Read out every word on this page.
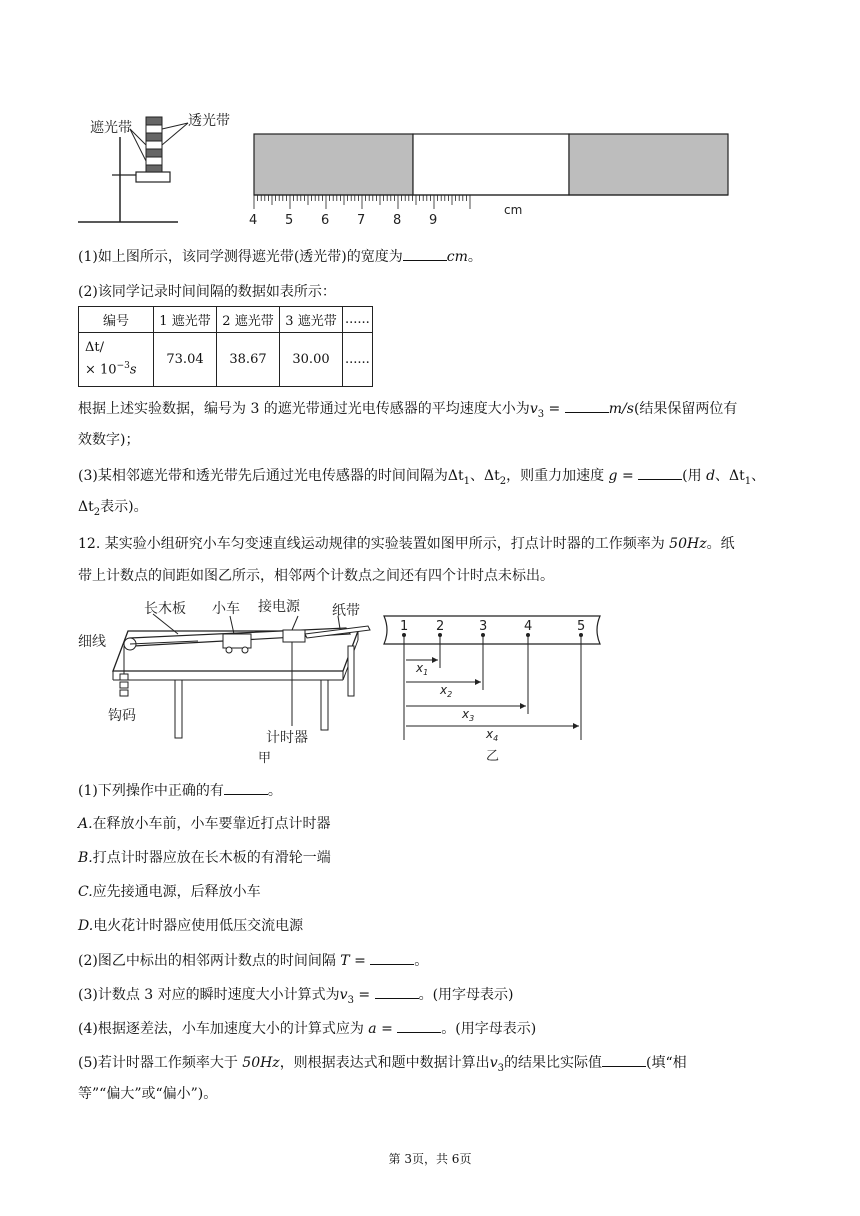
遮光带	透光带
4 5 6 7 8 9
cm
(1)如上图所示，该同学测得遮光带(透光带)的宽度为	cm。
(2)该同学记录时间间隔的数据如表所示：
编号	1 遮光带	2 遮光带	3 遮光带	......
Δt/
× $10^{-3}s$	73.04	38.67	30.00	......
根据上述实验数据，编号为 3 的遮光带通过光电传感器的平均速度大小为$v_3$ =	m/s(结果保留两位有
效数字)；
(3)某相邻遮光带和透光带先后通过光电传感器的时间间隔为$\Delta t_1$、$\Delta t_2$，则重力加速度 g =	(用 d、$\Delta t_1$、
$\Delta t_2$表示)。
12. 某实验小组研究小车匀变速直线运动规律的实验装置如图甲所示，打点计时器的工作频率为 50Hz。纸
带上计数点的间距如图乙所示，相邻两个计数点之间还有四个计时点未标出。
长木板 小车 接电源 纸带
细线
钩码
计时器
甲
1 2	3	4	5
$x_1$
$x_2$
$x_3$
$x_4$
乙
(1)下列操作中正确的有	。
A.在释放小车前，小车要靠近打点计时器
B.打点计时器应放在长木板的有滑轮一端
C.应先接通电源，后释放小车
D.电火花计时器应使用低压交流电源
(2)图乙中标出的相邻两计数点的时间间隔 T =	。
(3)计数点 3 对应的瞬时速度大小计算式为$v_3$ =	。(用字母表示)
(4)根据逐差法，小车加速度大小的计算式应为 a =	。(用字母表示)
(5)若计时器工作频率大于 50Hz，则根据表达式和题中数据计算出$v_3$的结果比实际值	(填“相
等”“偏大”或“偏小”)。
第 3页，共 6页
